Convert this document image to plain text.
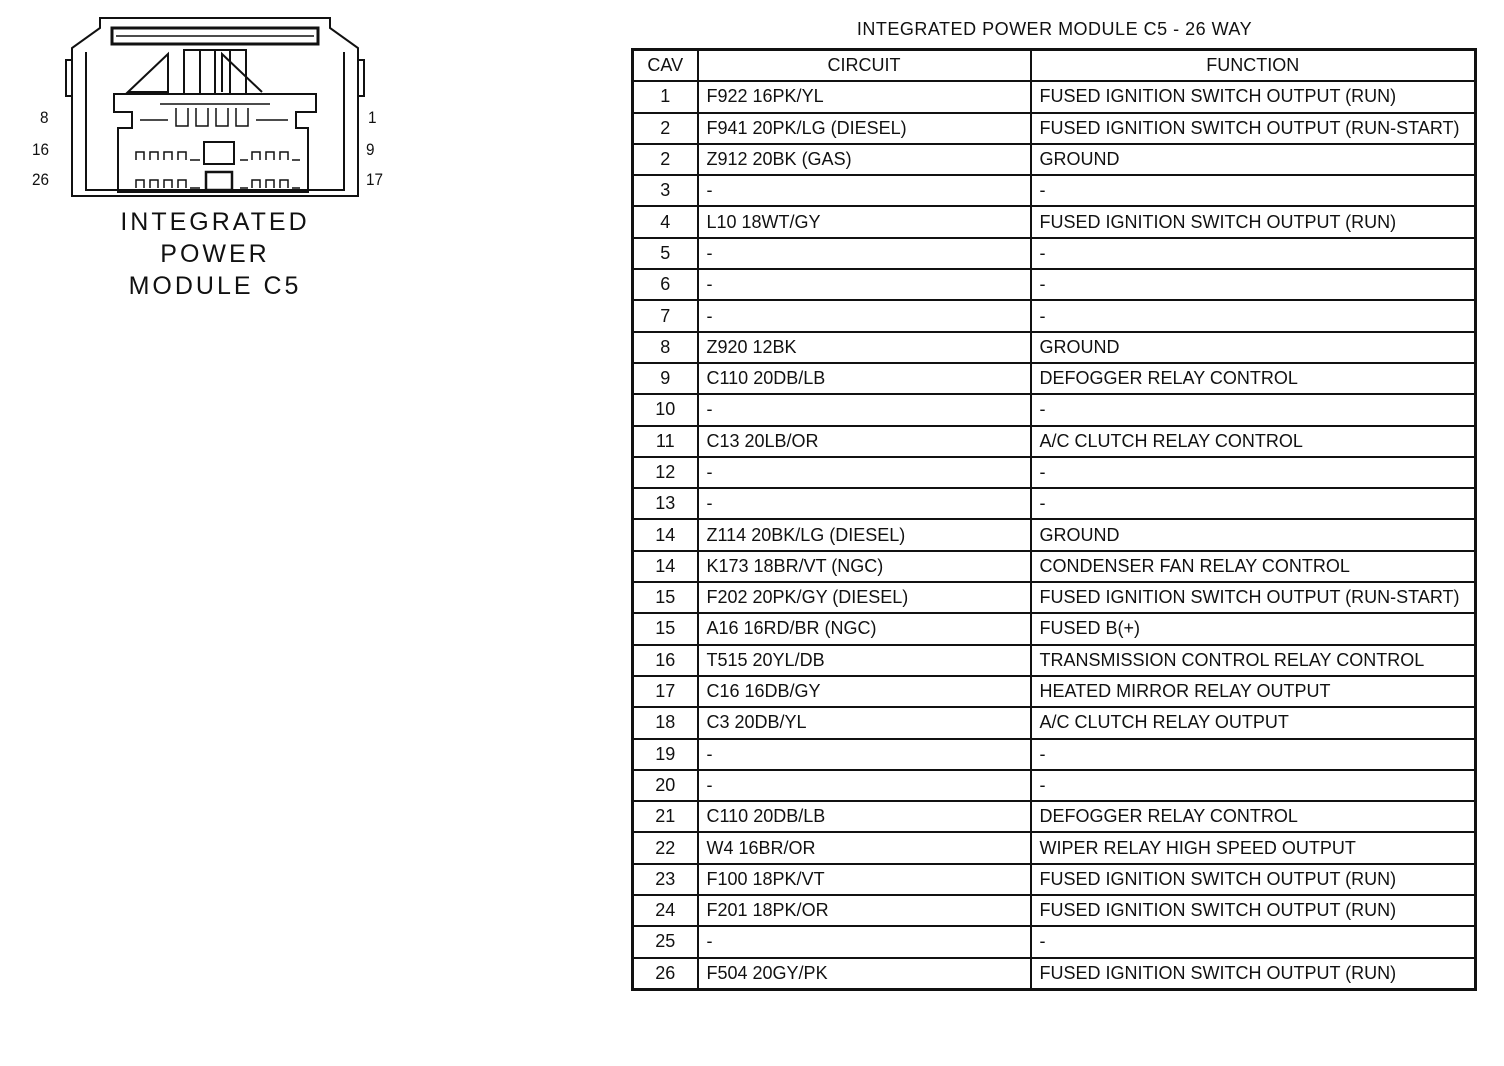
8
16
26
1
9
17
INTEGRATED
POWER
MODULE C5
INTEGRATED POWER MODULE C5 - 26 WAY
CAV	CIRCUIT	FUNCTION
1	F922 16PK/YL	FUSED IGNITION SWITCH OUTPUT (RUN)
2	F941 20PK/LG (DIESEL)	FUSED IGNITION SWITCH OUTPUT (RUN-START)
2	Z912 20BK (GAS)	GROUND
3	-	-
4	L10 18WT/GY	FUSED IGNITION SWITCH OUTPUT (RUN)
5	-	-
6	-	-
7	-	-
8	Z920 12BK	GROUND
9	C110 20DB/LB	DEFOGGER RELAY CONTROL
10	-	-
11	C13 20LB/OR	A/C CLUTCH RELAY CONTROL
12	-	-
13	-	-
14	Z114 20BK/LG (DIESEL)	GROUND
14	K173 18BR/VT (NGC)	CONDENSER FAN RELAY CONTROL
15	F202 20PK/GY (DIESEL)	FUSED IGNITION SWITCH OUTPUT (RUN-START)
15	A16 16RD/BR (NGC)	FUSED B(+)
16	T515 20YL/DB	TRANSMISSION CONTROL RELAY CONTROL
17	C16 16DB/GY	HEATED MIRROR RELAY OUTPUT
18	C3 20DB/YL	A/C CLUTCH RELAY OUTPUT
19	-	-
20	-	-
21	C110 20DB/LB	DEFOGGER RELAY CONTROL
22	W4 16BR/OR	WIPER RELAY HIGH SPEED OUTPUT
23	F100 18PK/VT	FUSED IGNITION SWITCH OUTPUT (RUN)
24	F201 18PK/OR	FUSED IGNITION SWITCH OUTPUT (RUN)
25	-	-
26	F504 20GY/PK	FUSED IGNITION SWITCH OUTPUT (RUN)
